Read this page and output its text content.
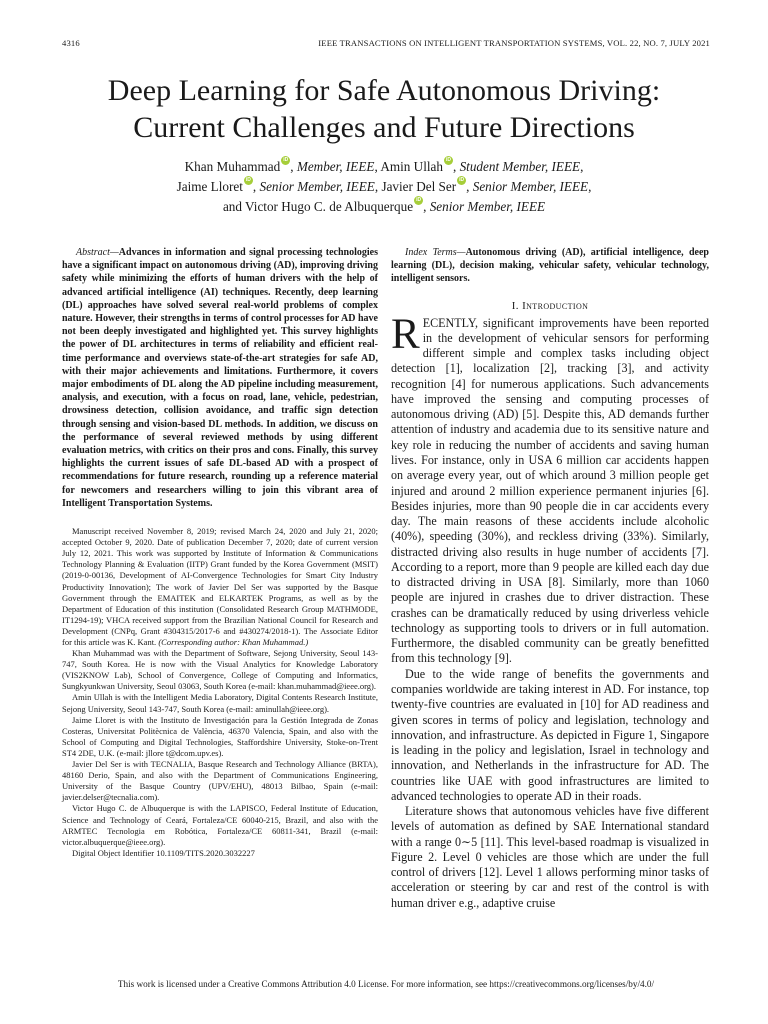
4316	IEEE TRANSACTIONS ON INTELLIGENT TRANSPORTATION SYSTEMS, VOL. 22, NO. 7, JULY 2021
Deep Learning for Safe Autonomous Driving:
Current Challenges and Future Directions
Khan Muhammad iD , Member, IEEE, Amin Ullah iD , Student Member, IEEE,
Jaime Lloret iD , Senior Member, IEEE, Javier Del Ser iD , Senior Member, IEEE,
and Victor Hugo C. de Albuquerque iD , Senior Member, IEEE
Abstract—Advances in information and signal processing technologies have a significant impact on autonomous driving (AD), improving driving safety while minimizing the efforts of human drivers with the help of advanced artificial intelligence (AI) techniques. Recently, deep learning (DL) approaches have solved several real-world problems of complex nature. However, their strengths in terms of control processes for AD have not been deeply investigated and highlighted yet. This survey highlights the power of DL architectures in terms of reliability and efficient real-time performance and overviews state-of-the-art strategies for safe AD, with their major achievements and limitations. Furthermore, it covers major embodiments of DL along the AD pipeline including measurement, analysis, and execution, with a focus on road, lane, vehicle, pedestrian, drowsiness detection, collision avoidance, and traffic sign detection through sensing and vision-based DL methods. In addition, we discuss on the performance of several reviewed methods by using different evaluation metrics, with critics on their pros and cons. Finally, this survey highlights the current issues of safe DL-based AD with a prospect of recommendations for future research, rounding up a reference material for newcomers and researchers willing to join this vibrant area of Intelligent Transportation Systems.

Manuscript received November 8, 2019; revised March 24, 2020 and July 21, 2020; accepted October 9, 2020. Date of publication December 7, 2020; date of current version July 12, 2021. This work was supported by Institute of Information & Communications Technology Planning & Evaluation (IITP) Grant funded by the Korea Government (MSIT) (2019-0-00136, Development of AI-Convergence Technologies for Smart City Industry Productivity Innovation); The work of Javier Del Ser was supported by the Basque Government through the EMAITEK and ELKARTEK Programs, as well as by the Department of Education of this institution (Consolidated Research Group MATHMODE, IT1294-19); VHCA received support from the Brazilian National Council for Research and Development (CNPq, Grant #304315/2017-6 and #430274/2018-1). The Associate Editor for this article was K. Kant. (Corresponding author: Khan Muhammad.)

Khan Muhammad was with the Department of Software, Sejong University, Seoul 143-747, South Korea. He is now with the Visual Analytics for Knowledge Laboratory (VIS2KNOW Lab), School of Convergence, College of Computing and Informatics, Sungkyunkwan University, Seoul 03063, South Korea (e-mail: khan.muhammad@ieee.org).

Amin Ullah is with the Intelligent Media Laboratory, Digital Contents Research Institute, Sejong University, Seoul 143-747, South Korea (e-mail: aminullah@ieee.org).

Jaime Lloret is with the Instituto de Investigación para la Gestión Integrada de Zonas Costeras, Universitat Politècnica de València, 46370 Valencia, Spain, and also with the School of Computing and Digital Technologies, Staffordshire University, Stoke-on-Trent ST4 2DE, U.K. (e-mail: jllore t@dcom.upv.es).

Javier Del Ser is with TECNALIA, Basque Research and Technology Alliance (BRTA), 48160 Derio, Spain, and also with the Department of Communications Engineering, University of the Basque Country (UPV/EHU), 48013 Bilbao, Spain (e-mail: javier.delser@tecnalia.com).

Victor Hugo C. de Albuquerque is with the LAPISCO, Federal Institute of Education, Science and Technology of Ceará, Fortaleza/CE 60040-215, Brazil, and also with the ARMTEC Tecnologia em Robótica, Fortaleza/CE 60811-341, Brazil (e-mail: victor.albuquerque@ieee.org).

Digital Object Identifier 10.1109/TITS.2020.3032227

Index Terms—Autonomous driving (AD), artificial intelligence, deep learning (DL), decision making, vehicular safety, vehicular technology, intelligent sensors.
I. Introduction

RECENTLY, significant improvements have been reported in the development of vehicular sensors for performing different simple and complex tasks including object detection [1], localization [2], tracking [3], and activity recognition [4] for numerous applications. Such advancements have improved the sensing and computing processes of autonomous driving (AD) [5]. Despite this, AD demands further attention of industry and academia due to its sensitive nature and key role in reducing the number of accidents and saving human lives. For instance, only in USA 6 million car accidents happen on average every year, out of which around 3 million people get injured and around 2 million experience permanent injuries [6]. Besides injuries, more than 90 people die in car accidents every day. The main reasons of these accidents include alcoholic (40%), speeding (30%), and reckless driving (33%). Similarly, distracted driving also results in huge number of accidents [7]. According to a report, more than 9 people are killed each day due to distracted driving in USA [8]. Similarly, more than 1060 people are injured in crashes due to driver distraction. These crashes can be dramatically reduced by using driverless vehicle technology as supporting tools to drivers or in full automation. Furthermore, the disabled community can be greatly benefitted from this technology [9].

Due to the wide range of benefits the governments and companies worldwide are taking interest in AD. For instance, top twenty-five countries are evaluated in [10] for AD readiness and given scores in terms of policy and legislation, technology and innovation, and infrastructure. As depicted in Figure 1, Singapore is leading in the policy and legislation, Israel in technology and innovation, and Netherlands in the infrastructure for AD. The countries like UAE with good infrastructures are limited to advanced technologies to operate AD in their roads.

Literature shows that autonomous vehicles have five different levels of automation as defined by SAE International standard with a range 0∼5 [11]. This level-based roadmap is visualized in Figure 2. Level 0 vehicles are those which are under the full control of drivers [12]. Level 1 allows performing minor tasks of acceleration or steering by car and rest of the control is with human driver e.g., adaptive cruise

This work is licensed under a Creative Commons Attribution 4.0 License. For more information, see https://creativecommons.org/licenses/by/4.0/
